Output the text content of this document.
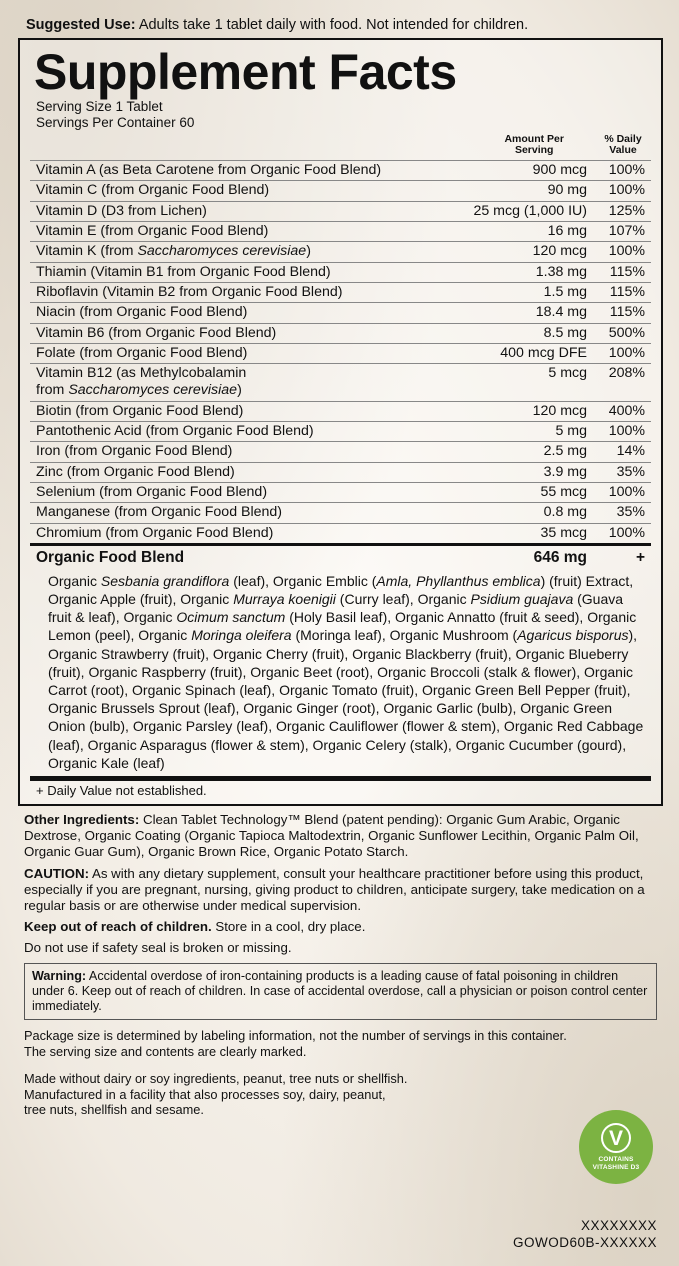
Suggested Use: Adults take 1 tablet daily with food. Not intended for children.
Supplement Facts
Serving Size 1 Tablet
Servings Per Container 60

Amount Per
Serving

% Daily
Value

Vitamin A (as Beta Carotene from Organic Food Blend)	900 mcg	100%
Vitamin C (from Organic Food Blend)	90 mg	100%
Vitamin D (D3 from Lichen)	25 mcg (1,000 IU)	125%
Vitamin E (from Organic Food Blend)	16 mg	107%
Vitamin K (from Saccharomyces cerevisiae)	120 mcg	100%
Thiamin (Vitamin B1 from Organic Food Blend)	1.38 mg	115%
Riboflavin (Vitamin B2 from Organic Food Blend)	1.5 mg	115%
Niacin (from Organic Food Blend)	18.4 mg	115%
Vitamin B6 (from Organic Food Blend)	8.5 mg	500%
Folate (from Organic Food Blend)	400 mcg DFE	100%
Vitamin B12 (as Methylcobalamin
from Saccharomyces cerevisiae)	5 mcg	208%
Biotin (from Organic Food Blend)	120 mcg	400%
Pantothenic Acid (from Organic Food Blend)	5 mg	100%
Iron (from Organic Food Blend)	2.5 mg	14%
Zinc (from Organic Food Blend)	3.9 mg	35%
Selenium (from Organic Food Blend)	55 mcg	100%
Manganese (from Organic Food Blend)	0.8 mg	35%
Chromium (from Organic Food Blend)	35 mcg	100%
Organic Food Blend	646 mg	+
Organic Sesbania grandiflora (leaf), Organic Emblic (Amla, Phyllanthus emblica) (fruit) Extract, Organic Apple (fruit), Organic Murraya koenigii (Curry leaf), Organic Psidium guajava (Guava fruit & leaf), Organic Ocimum sanctum (Holy Basil leaf), Organic Annatto (fruit & seed), Organic Lemon (peel), Organic Moringa oleifera (Moringa leaf), Organic Mushroom (Agaricus bisporus), Organic Strawberry (fruit), Organic Cherry (fruit), Organic Blackberry (fruit), Organic Blueberry (fruit), Organic Raspberry (fruit), Organic Beet (root), Organic Broccoli (stalk & flower), Organic Carrot (root), Organic Spinach (leaf), Organic Tomato (fruit), Organic Green Bell Pepper (fruit), Organic Brussels Sprout (leaf), Organic Ginger (root), Organic Garlic (bulb), Organic Green Onion (bulb), Organic Parsley (leaf), Organic Cauliflower (flower & stem), Organic Red Cabbage (leaf), Organic Asparagus (flower & stem), Organic Celery (stalk), Organic Cucumber (gourd), Organic Kale (leaf)
+ Daily Value not established.

Other Ingredients: Clean Tablet Technology™ Blend (patent pending): Organic Gum Arabic, Organic Dextrose, Organic Coating (Organic Tapioca Maltodextrin, Organic Sunflower Lecithin, Organic Palm Oil, Organic Guar Gum), Organic Brown Rice, Organic Potato Starch.

CAUTION: As with any dietary supplement, consult your healthcare practitioner before using this product, especially if you are pregnant, nursing, giving product to children, anticipate surgery, take medication on a regular basis or are otherwise under medical supervision.

Keep out of reach of children. Store in a cool, dry place.

Do not use if safety seal is broken or missing.

Warning: Accidental overdose of iron-containing products is a leading cause of fatal poisoning in children under 6. Keep out of reach of children. In case of accidental overdose, call a physician or poison control center immediately.
Package size is determined by labeling information, not the number of servings in this container. The serving size and contents are clearly marked.
Made without dairy or soy ingredients, peanut, tree nuts or shellfish.
Manufactured in a facility that also processes soy, dairy, peanut,
tree nuts, shellfish and sesame.
V
CONTAINS
VITASHINE D3
XXXXXXXX
GOWOD60B-XXXXXX
